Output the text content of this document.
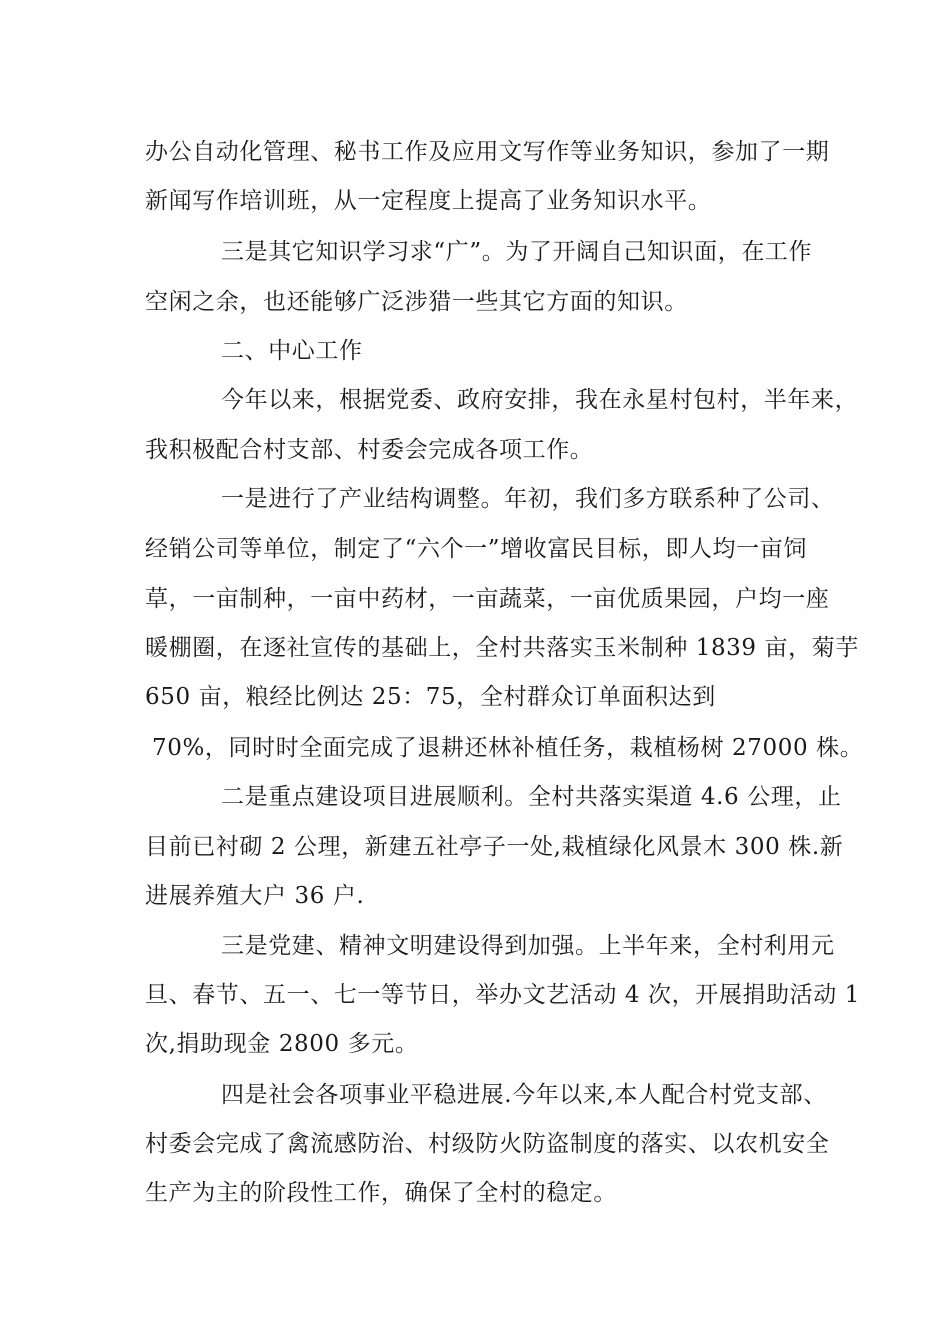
办公自动化管理、秘书工作及应用文写作等业务知识，参加了一期
新闻写作培训班，从一定程度上提高了业务知识水平。
三是其它知识学习求“广”。为了开阔自己知识面，在工作
空闲之余，也还能够广泛涉猎一些其它方面的知识。
二、中心工作
今年以来，根据党委、政府安排，我在永星村包村，半年来，
我积极配合村支部、村委会完成各项工作。
一是进行了产业结构调整。年初，我们多方联系种了公司、
经销公司等单位，制定了“六个一”增收富民目标，即人均一亩饲
草，一亩制种，一亩中药材，一亩蔬菜，一亩优质果园，户均一座
暖棚圈，在逐社宣传的基础上，全村共落实玉米制种 1839 亩，菊芋
650 亩，粮经比例达 25：75，全村群众订单面积达到
70%，同时时全面完成了退耕还林补植任务，栽植杨树 27000 株。
二是重点建设项目进展顺利。全村共落实渠道 4.6 公理，止
目前已衬砌 2 公理，新建五社亭子一处,栽植绿化风景木 300 株.新
进展养殖大户 36 户.
三是党建、精神文明建设得到加强。上半年来，全村利用元
旦、春节、五一、七一等节日，举办文艺活动 4 次，开展捐助活动 1
次,捐助现金 2800 多元。
四是社会各项事业平稳进展.今年以来,本人配合村党支部、
村委会完成了禽流感防治、村级防火防盗制度的落实、以农机安全
生产为主的阶段性工作，确保了全村的稳定。
